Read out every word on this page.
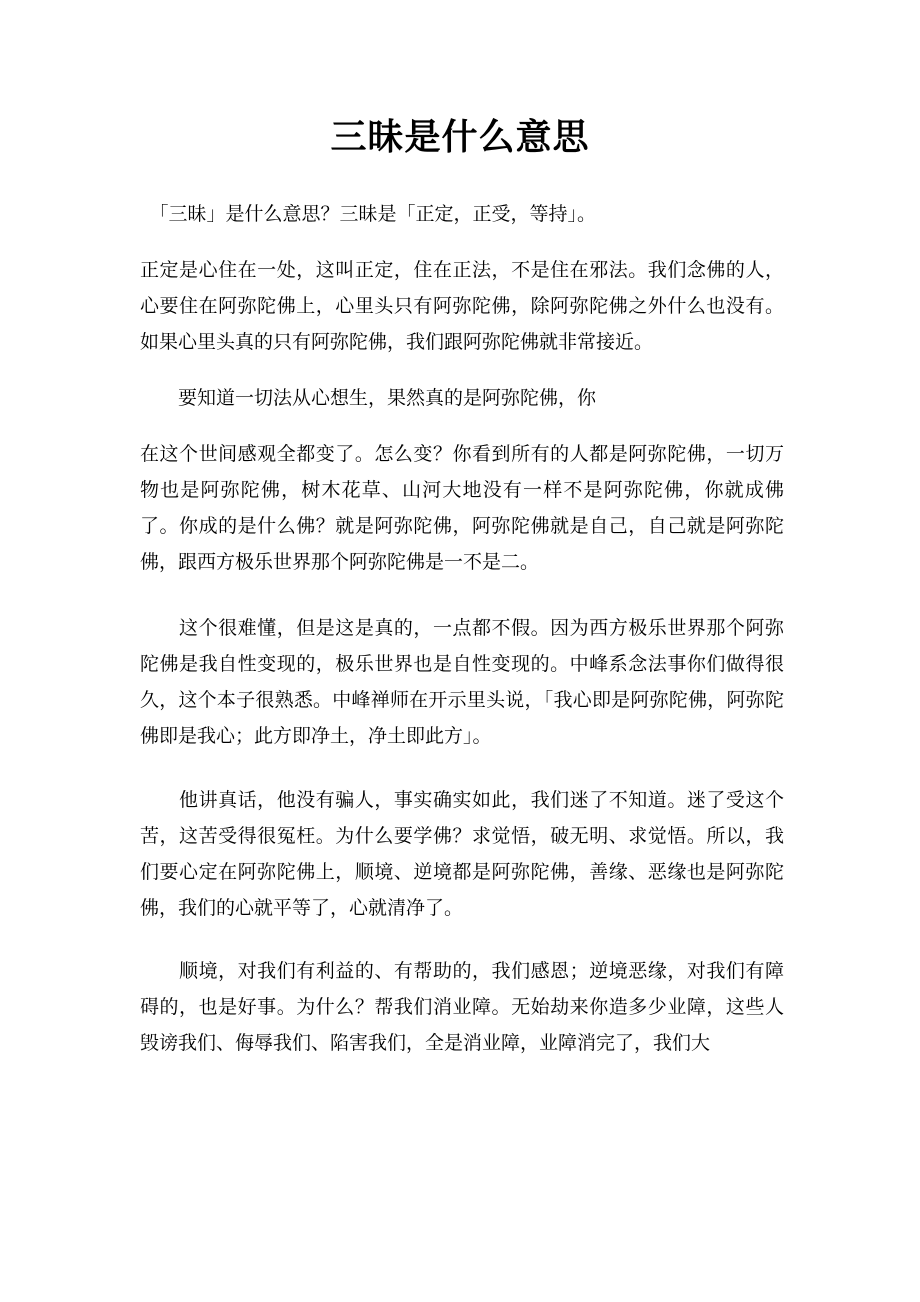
三昧是什么意思

　「三昧」是什么意思？三昧是「正定，正受，等持」。

正定是心住在一处，这叫正定，住在正法，不是住在邪法。我们念佛的人，心要住在阿弥陀佛上，心里头只有阿弥陀佛，除阿弥陀佛之外什么也没有。如果心里头真的只有阿弥陀佛，我们跟阿弥陀佛就非常接近。

　　要知道一切法从心想生，果然真的是阿弥陀佛，你

在这个世间感观全都变了。怎么变？你看到所有的人都是阿弥陀佛，一切万物也是阿弥陀佛，树木花草、山河大地没有一样不是阿弥陀佛，你就成佛了。你成的是什么佛？就是阿弥陀佛，阿弥陀佛就是自己，自己就是阿弥陀佛，跟西方极乐世界那个阿弥陀佛是一不是二。

　　这个很难懂，但是这是真的，一点都不假。因为西方极乐世界那个阿弥陀佛是我自性变现的，极乐世界也是自性变现的。中峰系念法事你们做得很久，这个本子很熟悉。中峰禅师在开示里头说，「我心即是阿弥陀佛，阿弥陀佛即是我心；此方即净土，净土即此方」。

　　他讲真话，他没有骗人，事实确实如此，我们迷了不知道。迷了受这个苦，这苦受得很冤枉。为什么要学佛？求觉悟，破无明、求觉悟。所以，我们要心定在阿弥陀佛上，顺境、逆境都是阿弥陀佛，善缘、恶缘也是阿弥陀佛，我们的心就平等了，心就清净了。

　　顺境，对我们有利益的、有帮助的，我们感恩；逆境恶缘，对我们有障碍的，也是好事。为什么？帮我们消业障。无始劫来你造多少业障，这些人毁谤我们、侮辱我们、陷害我们，全是消业障，业障消完了，我们大
